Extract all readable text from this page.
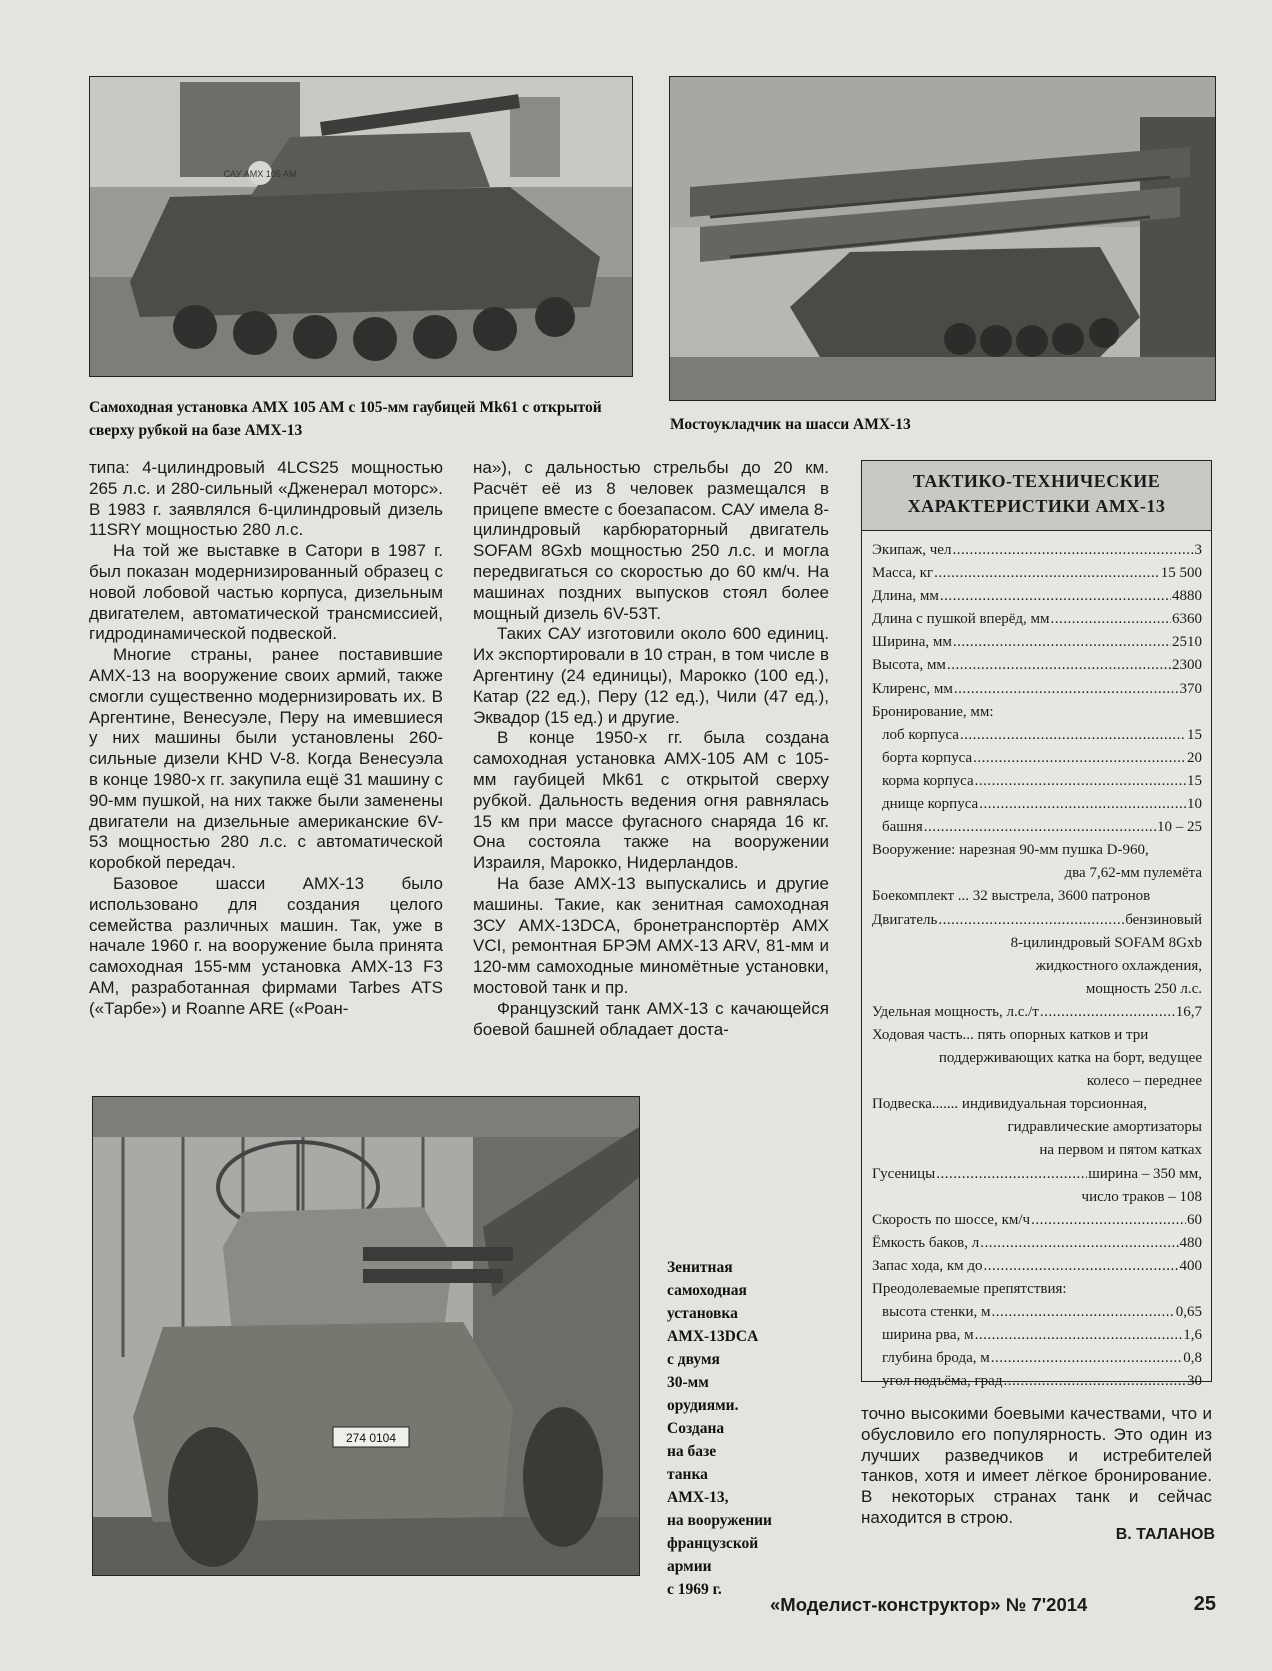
САУ AMX 105 AM

Самоходная установка AMX 105 AM с 105-мм гаубицей Mk61 с открытой сверху рубкой на базе AMX-13	Мостоукладчик на шасси AMX-13

типа: 4-цилиндровый 4LCS25 мощностью 265 л.с. и 280-сильный «Дженерал моторс». В 1983 г. заявлялся 6-цилиндровый дизель 11SRY мощностью 280 л.с.

На той же выставке в Сатори в 1987 г. был показан модернизированный образец с новой лобовой частью корпуса, дизельным двигателем, автоматической трансмиссией, гидродинамической подвеской.

Многие страны, ранее поставившие AMX-13 на вооружение своих армий, также смогли существенно модернизировать их. В Аргентине, Венесуэле, Перу на имевшиеся у них машины были установлены 260-сильные дизели KHD V-8. Когда Венесуэла в конце 1980-х гг. закупила ещё 31 машину с 90-мм пушкой, на них также были заменены двигатели на дизельные американские 6V-53 мощностью 280 л.с. с автоматической коробкой передач.

Базовое шасси AMX-13 было использовано для создания целого семейства различных машин. Так, уже в начале 1960 г. на вооружение была принята самоходная 155-мм установка AMX-13 F3 AM, разработанная фирмами Tarbes ATS («Тарбе») и Roanne ARE («Роан-

на»), с дальностью стрельбы до 20 км. Расчёт её из 8 человек размещался в прицепе вместе с боезапасом. САУ имела 8-цилиндровый карбюраторный двигатель SOFAM 8Gxb мощностью 250 л.с. и могла передвигаться со скоростью до 60 км/ч. На машинах поздних выпусков стоял более мощный дизель 6V-53T.

Таких САУ изготовили около 600 единиц. Их экспортировали в 10 стран, в том числе в Аргентину (24 единицы), Марокко (100 ед.), Катар (22 ед.), Перу (12 ед.), Чили (47 ед.), Эквадор (15 ед.) и другие.

В конце 1950-х гг. была создана самоходная установка AMX-105 AM с 105-мм гаубицей Mk61 с открытой сверху рубкой. Дальность ведения огня равнялась 15 км при массе фугасного снаряда 16 кг. Она состояла также на вооружении Израиля, Марокко, Нидерландов.

На базе AMX-13 выпускались и другие машины. Такие, как зенитная самоходная ЗСУ AMX-13DCA, бронетранспортёр AMX VCI, ремонтная БРЭМ AMX-13 ARV, 81-мм и 120-мм самоходные миномётные установки, мостовой танк и пр.

Французский танк AMX-13 с качающейся боевой башней обладает доста-

ТАКТИКО-ТЕХНИЧЕСКИЕ
ХАРАКТЕРИСТИКИ AMX-13
Экипаж, чел .....	3
Масса, кг .....	15 500
Длина, мм .....	4880
Длина с пушкой вперёд, мм .....	6360
Ширина, мм .....	2510
Высота, мм .....	2300
Клиренс, мм .....	370
Бронирование, мм:
лоб корпуса .....	15
борта корпуса .....	20
корма корпуса .....	15
днище корпуса .....	10
башня .....	10 – 25
Вооружение: нарезная 90-мм пушка D-960,
два 7,62-мм пулемёта
Боекомплект ... 32 выстрела, 3600 патронов
Двигатель .....	бензиновый
8-цилиндровый SOFAM 8Gxb
жидкостного охлаждения,
мощность 250 л.с.
Удельная мощность, л.с./т .....	16,7
Ходовая часть... пять опорных катков и три
поддерживающих катка на борт, ведущее
колесо – переднее
Подвеска....... индивидуальная торсионная,
гидравлические амортизаторы
на первом и пятом катках
Гусеницы .....	ширина – 350 мм,
число траков – 108
Скорость по шоссе, км/ч .....	60
Ёмкость баков, л .....	480
Запас хода, км до .....	400
Преодолеваемые препятствия:
высота стенки, м .....	0,65
ширина рва, м .....	1,6
глубина брода, м .....	0,8
угол подъёма, град .....	30

точно высокими боевыми качествами, что и обусловило его популярность. Это один из лучших разведчиков и истребителей танков, хотя и имеет лёгкое бронирование. В некоторых странах танк и сейчас находится в строю.

274 0104
Зенитная
самоходная
установка
AMX-13DCA
с двумя
30-мм
орудиями.
Создана
на базе
танка
AMX-13,
на вооружении
французской
армии
с 1969 г.
В. ТАЛАНОВ
«Моделист-конструктор» № 7'2014	25
